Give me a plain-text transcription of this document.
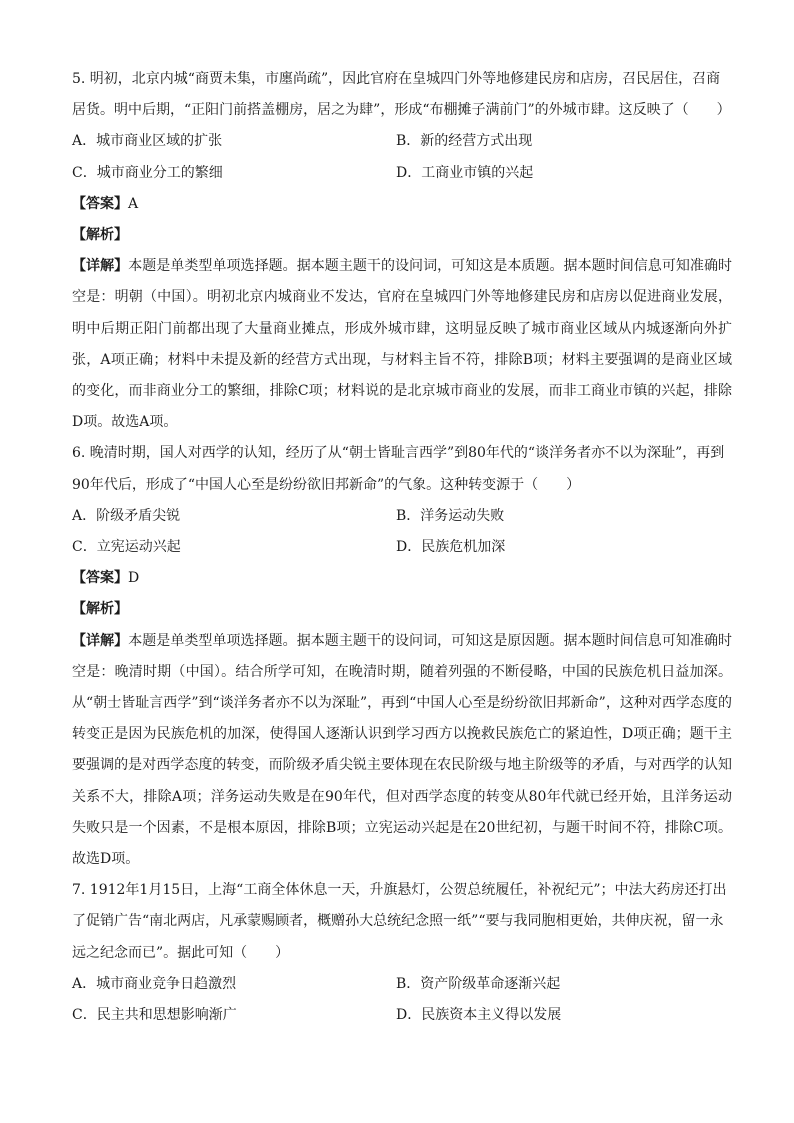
5. 明初，北京内城“商贾未集，市廛尚疏”，因此官府在皇城四门外等地修建民房和店房，召民居住，召商居货。明中后期，“正阳门前搭盖棚房，居之为肆”，形成“布棚摊子满前门”的外城市肆。这反映了（　　）

A．城市商业区域的扩张	B．新的经营方式出现
C．城市商业分工的繁细	D．工商业市镇的兴起

【答案】A

【解析】

【详解】本题是单类型单项选择题。据本题主题干的设问词，可知这是本质题。据本题时间信息可知准确时空是：明朝（中国）。明初北京内城商业不发达，官府在皇城四门外等地修建民房和店房以促进商业发展，明中后期正阳门前都出现了大量商业摊点，形成外城市肆，这明显反映了城市商业区域从内城逐渐向外扩张，A项正确；材料中未提及新的经营方式出现，与材料主旨不符，排除B项；材料主要强调的是商业区域的变化，而非商业分工的繁细，排除C项；材料说的是北京城市商业的发展，而非工商业市镇的兴起，排除D项。故选A项。

6. 晚清时期，国人对西学的认知，经历了从“朝士皆耻言西学”到80年代的“谈洋务者亦不以为深耻”，再到90年代后，形成了“中国人心至是纷纷欲旧邦新命”的气象。这种转变源于（　　）

A．阶级矛盾尖锐	B．洋务运动失败
C．立宪运动兴起	D．民族危机加深

【答案】D

【解析】

【详解】本题是单类型单项选择题。据本题主题干的设问词，可知这是原因题。据本题时间信息可知准确时空是：晚清时期（中国）。结合所学可知，在晚清时期，随着列强的不断侵略，中国的民族危机日益加深。从“朝士皆耻言西学”到“谈洋务者亦不以为深耻”，再到“中国人心至是纷纷欲旧邦新命”，这种对西学态度的转变正是因为民族危机的加深，使得国人逐渐认识到学习西方以挽救民族危亡的紧迫性，D项正确；题干主要强调的是对西学态度的转变，而阶级矛盾尖锐主要体现在农民阶级与地主阶级等的矛盾，与对西学的认知关系不大，排除A项；洋务运动失败是在90年代，但对西学态度的转变从80年代就已经开始，且洋务运动失败只是一个因素，不是根本原因，排除B项；立宪运动兴起是在20世纪初，与题干时间不符，排除C项。故选D项。

7. 1912年1月15日，上海“工商全体休息一天，升旗悬灯，公贺总统履任，补祝纪元”；中法大药房还打出了促销广告“南北两店，凡承蒙赐顾者，概赠孙大总统纪念照一纸”“要与我同胞相更始，共伸庆祝，留一永远之纪念而已”。据此可知（　　）

A．城市商业竞争日趋激烈	B．资产阶级革命逐渐兴起
C．民主共和思想影响渐广	D．民族资本主义得以发展
